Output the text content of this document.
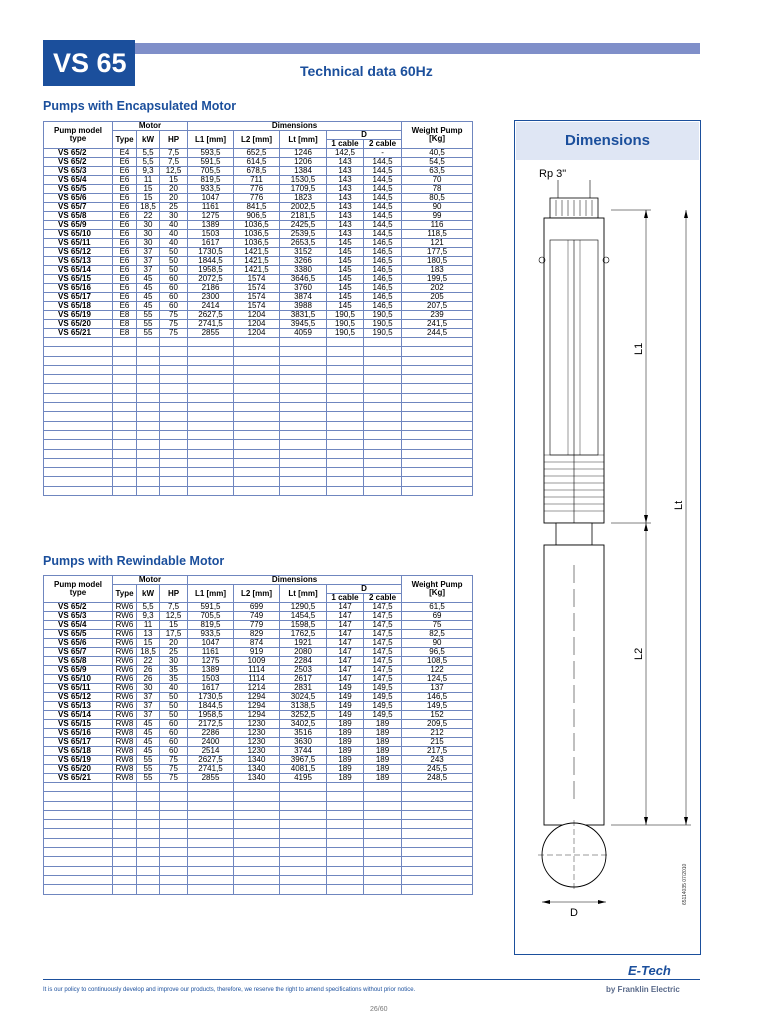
VS 65	Technical data 60Hz
Pumps with Encapsulated Motor
Pump model type	Motor			Dimensions					Weight Pump [Kg]
	Type	kW	HP	L1 [mm]	L2 [mm]	Lt [mm]	D		
							1 cable	2 cable	
VS 65/2	E4	5,5	7,5	593,5	652,5	1246	142,5	-	40,5
VS 65/2	E6	5,5	7,5	591,5	614,5	1206	143	144,5	54,5
VS 65/3	E6	9,3	12,5	705,5	678,5	1384	143	144,5	63,5
VS 65/4	E6	11	15	819,5	711	1530,5	143	144,5	70
VS 65/5	E6	15	20	933,5	776	1709,5	143	144,5	78
VS 65/6	E6	15	20	1047	776	1823	143	144,5	80,5
VS 65/7	E6	18,5	25	1161	841,5	2002,5	143	144,5	90
VS 65/8	E6	22	30	1275	906,5	2181,5	143	144,5	99
VS 65/9	E6	30	40	1389	1036,5	2425,5	143	144,5	116
VS 65/10	E6	30	40	1503	1036,5	2539,5	143	144,5	118,5
VS 65/11	E6	30	40	1617	1036,5	2653,5	145	146,5	121
VS 65/12	E6	37	50	1730,5	1421,5	3152	145	146,5	177,5
VS 65/13	E6	37	50	1844,5	1421,5	3266	145	146,5	180,5
VS 65/14	E6	37	50	1958,5	1421,5	3380	145	146,5	183
VS 65/15	E6	45	60	2072,5	1574	3646,5	145	146,5	199,5
VS 65/16	E6	45	60	2186	1574	3760	145	146,5	202
VS 65/17	E6	45	60	2300	1574	3874	145	146,5	205
VS 65/18	E6	45	60	2414	1574	3988	145	146,5	207,5
VS 65/19	E8	55	75	2627,5	1204	3831,5	190,5	190,5	239
VS 65/20	E8	55	75	2741,5	1204	3945,5	190,5	190,5	241,5
VS 65/21	E8	55	75	2855	1204	4059	190,5	190,5	244,5

Pumps with Rewindable Motor
Pump model type	Motor			Dimensions					Weight Pump [Kg]
	Type	kW	HP	L1 [mm]	L2 [mm]	Lt [mm]	D		
							1 cable	2 cable	
VS 65/2	RW6	5,5	7,5	591,5	699	1290,5	147	147,5	61,5
VS 65/3	RW6	9,3	12,5	705,5	749	1454,5	147	147,5	69
VS 65/4	RW6	11	15	819,5	779	1598,5	147	147,5	75
VS 65/5	RW6	13	17,5	933,5	829	1762,5	147	147,5	82,5
VS 65/6	RW6	15	20	1047	874	1921	147	147,5	90
VS 65/7	RW6	18,5	25	1161	919	2080	147	147,5	96,5
VS 65/8	RW6	22	30	1275	1009	2284	147	147,5	108,5
VS 65/9	RW6	26	35	1389	1114	2503	147	147,5	122
VS 65/10	RW6	26	35	1503	1114	2617	147	147,5	124,5
VS 65/11	RW6	30	40	1617	1214	2831	149	149,5	137
VS 65/12	RW6	37	50	1730,5	1294	3024,5	149	149,5	146,5
VS 65/13	RW6	37	50	1844,5	1294	3138,5	149	149,5	149,5
VS 65/14	RW6	37	50	1958,5	1294	3252,5	149	149,5	152
VS 65/15	RW8	45	60	2172,5	1230	3402,5	189	189	209,5
VS 65/16	RW8	45	60	2286	1230	3516	189	189	212
VS 65/17	RW8	45	60	2400	1230	3630	189	189	215
VS 65/18	RW8	45	60	2514	1230	3744	189	189	217,5
VS 65/19	RW8	55	75	2627,5	1340	3967,5	189	189	243
VS 65/20	RW8	55	75	2741,5	1340	4081,5	189	189	245,5
VS 65/21	RW8	55	75	2855	1340	4195	189	189	248,5

Dimensions
Rp 3"
L1
Lt
L2
D
65114035 07/2010
E-Tech
It is our policy to continuously develop and improve our products, therefore, we reserve the right to amend specifications without prior notice.	by Franklin Electric
26/60
